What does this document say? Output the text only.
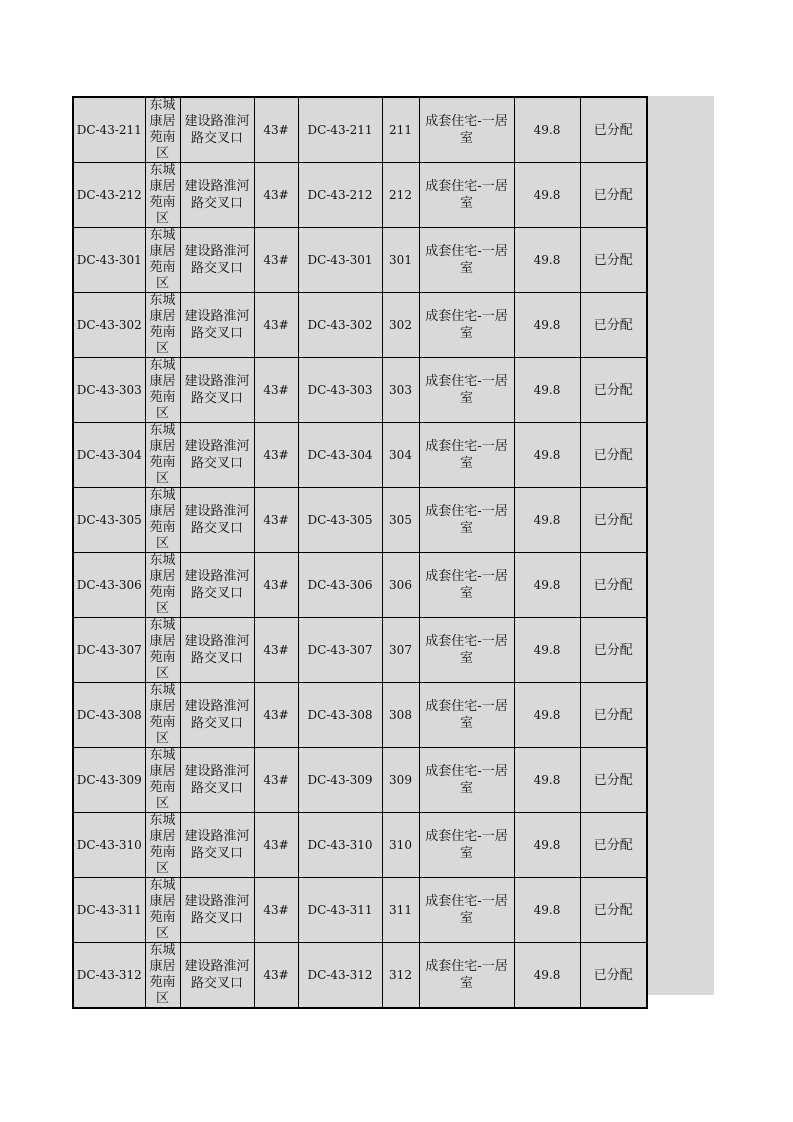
DC-43-211	东城康居苑南区	建设路淮河路交叉口	43#	DC-43-211	211	成套住宅-一居室	49.8	已分配
DC-43-212	东城康居苑南区	建设路淮河路交叉口	43#	DC-43-212	212	成套住宅-一居室	49.8	已分配
DC-43-301	东城康居苑南区	建设路淮河路交叉口	43#	DC-43-301	301	成套住宅-一居室	49.8	已分配
DC-43-302	东城康居苑南区	建设路淮河路交叉口	43#	DC-43-302	302	成套住宅-一居室	49.8	已分配
DC-43-303	东城康居苑南区	建设路淮河路交叉口	43#	DC-43-303	303	成套住宅-一居室	49.8	已分配
DC-43-304	东城康居苑南区	建设路淮河路交叉口	43#	DC-43-304	304	成套住宅-一居室	49.8	已分配
DC-43-305	东城康居苑南区	建设路淮河路交叉口	43#	DC-43-305	305	成套住宅-一居室	49.8	已分配
DC-43-306	东城康居苑南区	建设路淮河路交叉口	43#	DC-43-306	306	成套住宅-一居室	49.8	已分配
DC-43-307	东城康居苑南区	建设路淮河路交叉口	43#	DC-43-307	307	成套住宅-一居室	49.8	已分配
DC-43-308	东城康居苑南区	建设路淮河路交叉口	43#	DC-43-308	308	成套住宅-一居室	49.8	已分配
DC-43-309	东城康居苑南区	建设路淮河路交叉口	43#	DC-43-309	309	成套住宅-一居室	49.8	已分配
DC-43-310	东城康居苑南区	建设路淮河路交叉口	43#	DC-43-310	310	成套住宅-一居室	49.8	已分配
DC-43-311	东城康居苑南区	建设路淮河路交叉口	43#	DC-43-311	311	成套住宅-一居室	49.8	已分配
DC-43-312	东城康居苑南区	建设路淮河路交叉口	43#	DC-43-312	312	成套住宅-一居室	49.8	已分配
